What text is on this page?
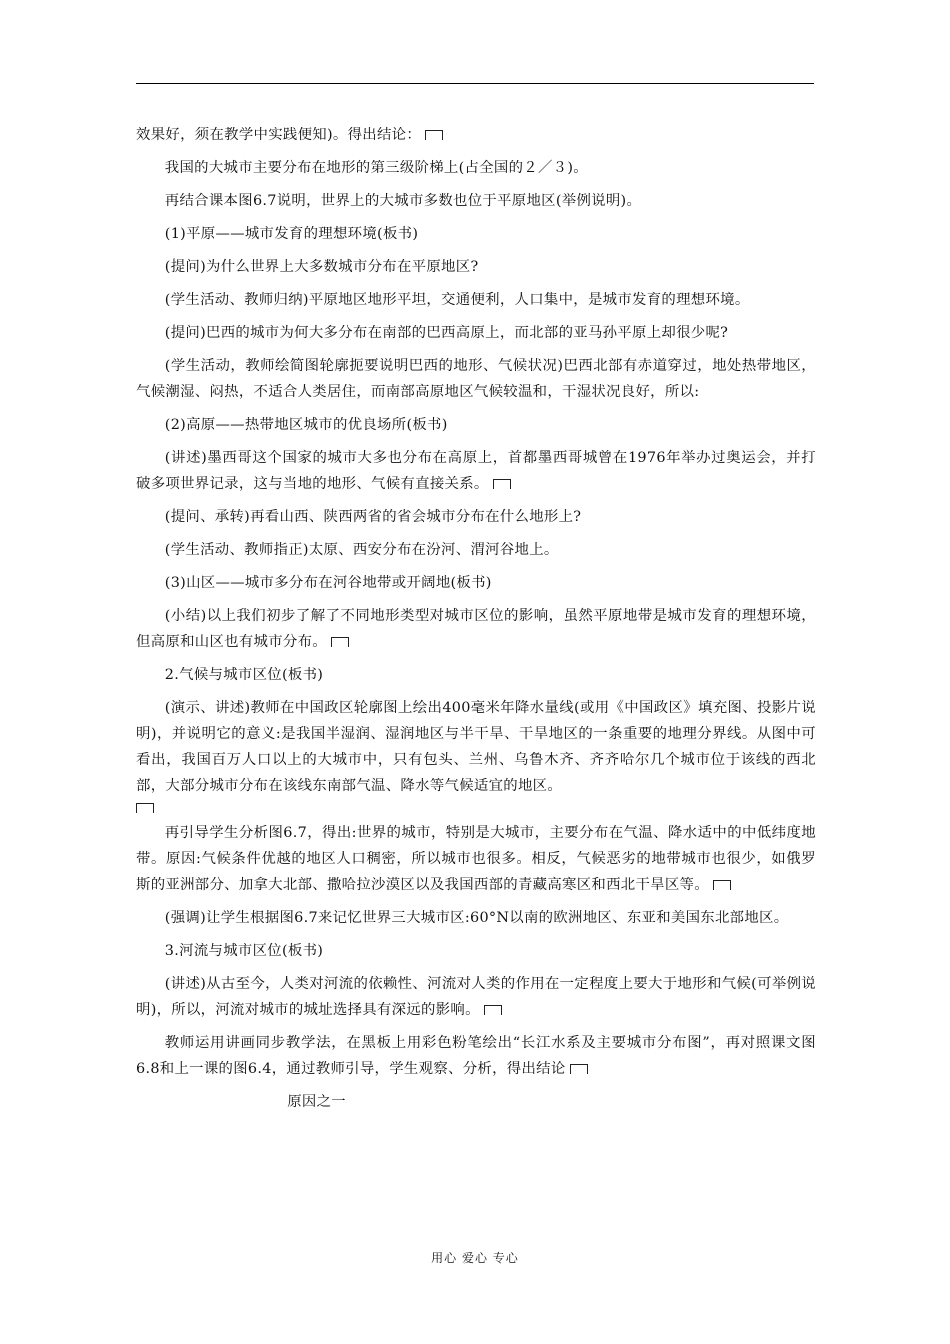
效果好，须在教学中实践便知)。得出结论：

我国的大城市主要分布在地形的第三级阶梯上(占全国的２／３)。

再结合课本图6.7说明，世界上的大城市多数也位于平原地区(举例说明)。

(1)平原——城市发育的理想环境(板书)

(提问)为什么世界上大多数城市分布在平原地区?

(学生活动、教师归纳)平原地区地形平坦，交通便利，人口集中，是城市发育的理想环境。

(提问)巴西的城市为何大多分布在南部的巴西高原上，而北部的亚马孙平原上却很少呢?

(学生活动，教师绘简图轮廓扼要说明巴西的地形、气候状况)巴西北部有赤道穿过，地处热带地区，气候潮湿、闷热，不适合人类居住，而南部高原地区气候较温和，干湿状况良好，所以:

(2)高原——热带地区城市的优良场所(板书)

(讲述)墨西哥这个国家的城市大多也分布在高原上，首都墨西哥城曾在1976年举办过奥运会，并打破多项世界记录，这与当地的地形、气候有直接关系。

(提问、承转)再看山西、陕西两省的省会城市分布在什么地形上?

(学生活动、教师指正)太原、西安分布在汾河、渭河谷地上。

(3)山区——城市多分布在河谷地带或开阔地(板书)

(小结)以上我们初步了解了不同地形类型对城市区位的影响，虽然平原地带是城市发育的理想环境，但高原和山区也有城市分布。

2.气候与城市区位(板书)

(演示、讲述)教师在中国政区轮廓图上绘出400毫米年降水量线(或用《中国政区》填充图、投影片说明)，并说明它的意义:是我国半湿润、湿润地区与半干旱、干旱地区的一条重要的地理分界线。从图中可看出，我国百万人口以上的大城市中，只有包头、兰州、乌鲁木齐、齐齐哈尔几个城市位于该线的西北部，大部分城市分布在该线东南部气温、降水等气候适宜的地区。

再引导学生分析图6.7，得出:世界的城市，特别是大城市，主要分布在气温、降水适中的中低纬度地带。原因:气候条件优越的地区人口稠密，所以城市也很多。相反，气候恶劣的地带城市也很少，如俄罗斯的亚洲部分、加拿大北部、撒哈拉沙漠区以及我国西部的青藏高寒区和西北干旱区等。

(强调)让学生根据图6.7来记忆世界三大城市区:60°N以南的欧洲地区、东亚和美国东北部地区。

3.河流与城市区位(板书)

(讲述)从古至今，人类对河流的依赖性、河流对人类的作用在一定程度上要大于地形和气候(可举例说明)，所以，河流对城市的城址选择具有深远的影响。

教师运用讲画同步教学法，在黑板上用彩色粉笔绘出“长江水系及主要城市分布图”，再对照课文图6.8和上一课的图6.4，通过教师引导，学生观察、分析，得出结论

原因之一

用心 爱心 专心
